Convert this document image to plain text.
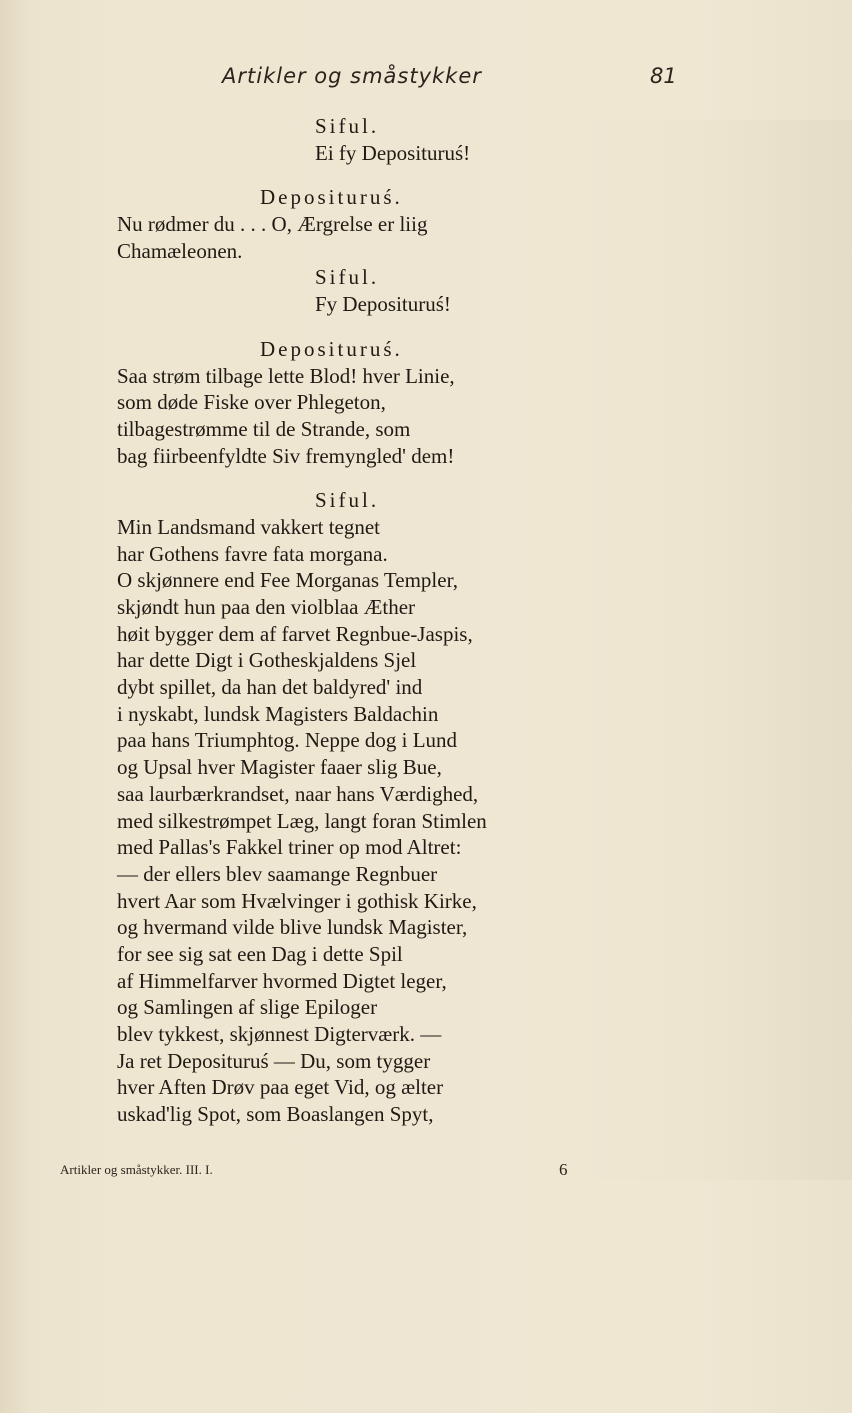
Artikler og småstykker	81
Siful.
Ei fy Deposituruś!
Deposituruś.
Nu rødmer du . . . O, Ærgrelse er liig
Chamæleonen.
Siful.
Fy Deposituruś!
Deposituruś.
Saa strøm tilbage lette Blod! hver Linie,
som døde Fiske over Phlegeton,
tilbagestrømme til de Strande, som
bag fiirbeenfyldte Siv fremyngled' dem!
Siful.
Min Landsmand vakkert tegnet
har Gothens favre fata morgana.
O skjønnere end Fee Morganas Templer,
skjøndt hun paa den violblaa Æther
høit bygger dem af farvet Regnbue-Jaspis,
har dette Digt i Gotheskjaldens Sjel
dybt spillet, da han det baldyred' ind
i nyskabt, lundsk Magisters Baldachin
paa hans Triumphtog. Neppe dog i Lund
og Upsal hver Magister faaer slig Bue,
saa laurbærkrandset, naar hans Værdighed,
med silkestrømpet Læg, langt foran Stimlen
med Pallas's Fakkel triner op mod Altret:
— der ellers blev saamange Regnbuer
hvert Aar som Hvælvinger i gothisk Kirke,
og hvermand vilde blive lundsk Magister,
for see sig sat een Dag i dette Spil
af Himmelfarver hvormed Digtet leger,
og Samlingen af slige Epiloger
blev tykkest, skjønnest Digterværk. —
Ja ret Deposituruś — Du, som tygger
hver Aften Drøv paa eget Vid, og ælter
uskad'lig Spot, som Boaslangen Spyt,
Artikler og småstykker. III. I.	6
